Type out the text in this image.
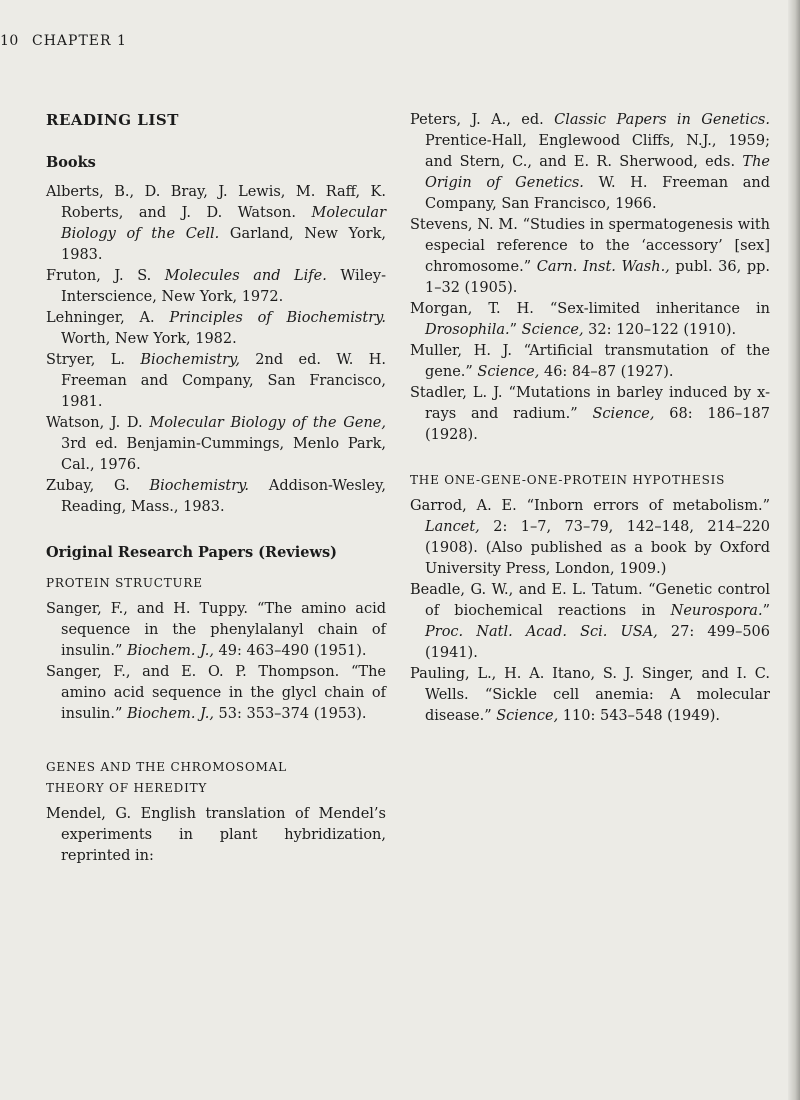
10 CHAPTER 1
READING LIST
Books

Alberts, B., D. Bray, J. Lewis, M. Raff, K. Roberts, and J. D. Watson. Molecular Biology of the Cell. Garland, New York, 1983.

Fruton, J. S. Molecules and Life. Wiley-Interscience, New York, 1972.

Lehninger, A. Principles of Biochemistry. Worth, New York, 1982.

Stryer, L. Biochemistry, 2nd ed. W. H. Freeman and Company, San Francisco, 1981.

Watson, J. D. Molecular Biology of the Gene, 3rd ed. Benjamin-Cummings, Menlo Park, Cal., 1976.

Zubay, G. Biochemistry. Addison-Wesley, Reading, Mass., 1983.

Original Research Papers (Reviews)
PROTEIN STRUCTURE

Sanger, F., and H. Tuppy. “The amino acid sequence in the phenylalanyl chain of insulin.” Biochem. J., 49: 463–490 (1951).

Sanger, F., and E. O. P. Thompson. “The amino acid sequence in the glycl chain of insulin.” Biochem. J., 53: 353–374 (1953).

GENES AND THE CHROMOSOMAL THEORY OF HEREDITY

Mendel, G. English translation of Mendel’s experiments in plant hybridization, reprinted in:

Peters, J. A., ed. Classic Papers in Genetics. Prentice-Hall, Englewood Cliffs, N.J., 1959; and Stern, C., and E. R. Sherwood, eds. The Origin of Genetics. W. H. Freeman and Company, San Francisco, 1966.

Stevens, N. M. “Studies in spermatogenesis with especial reference to the ‘accessory’ [sex] chromosome.” Carn. Inst. Wash., publ. 36, pp. 1–32 (1905).

Morgan, T. H. “Sex-limited inheritance in Drosophila.” Science, 32: 120–122 (1910).

Muller, H. J. “Artificial transmutation of the gene.” Science, 46: 84–87 (1927).

Stadler, L. J. “Mutations in barley induced by x-rays and radium.” Science, 68: 186–187 (1928).

THE ONE-GENE-ONE-PROTEIN HYPOTHESIS

Garrod, A. E. “Inborn errors of metabolism.” Lancet, 2: 1–7, 73–79, 142–148, 214–220 (1908). (Also published as a book by Oxford University Press, London, 1909.)

Beadle, G. W., and E. L. Tatum. “Genetic control of biochemical reactions in Neurospora.” Proc. Natl. Acad. Sci. USA, 27: 499–506 (1941).

Pauling, L., H. A. Itano, S. J. Singer, and I. C. Wells. “Sickle cell anemia: A molecular disease.” Science, 110: 543–548 (1949).
